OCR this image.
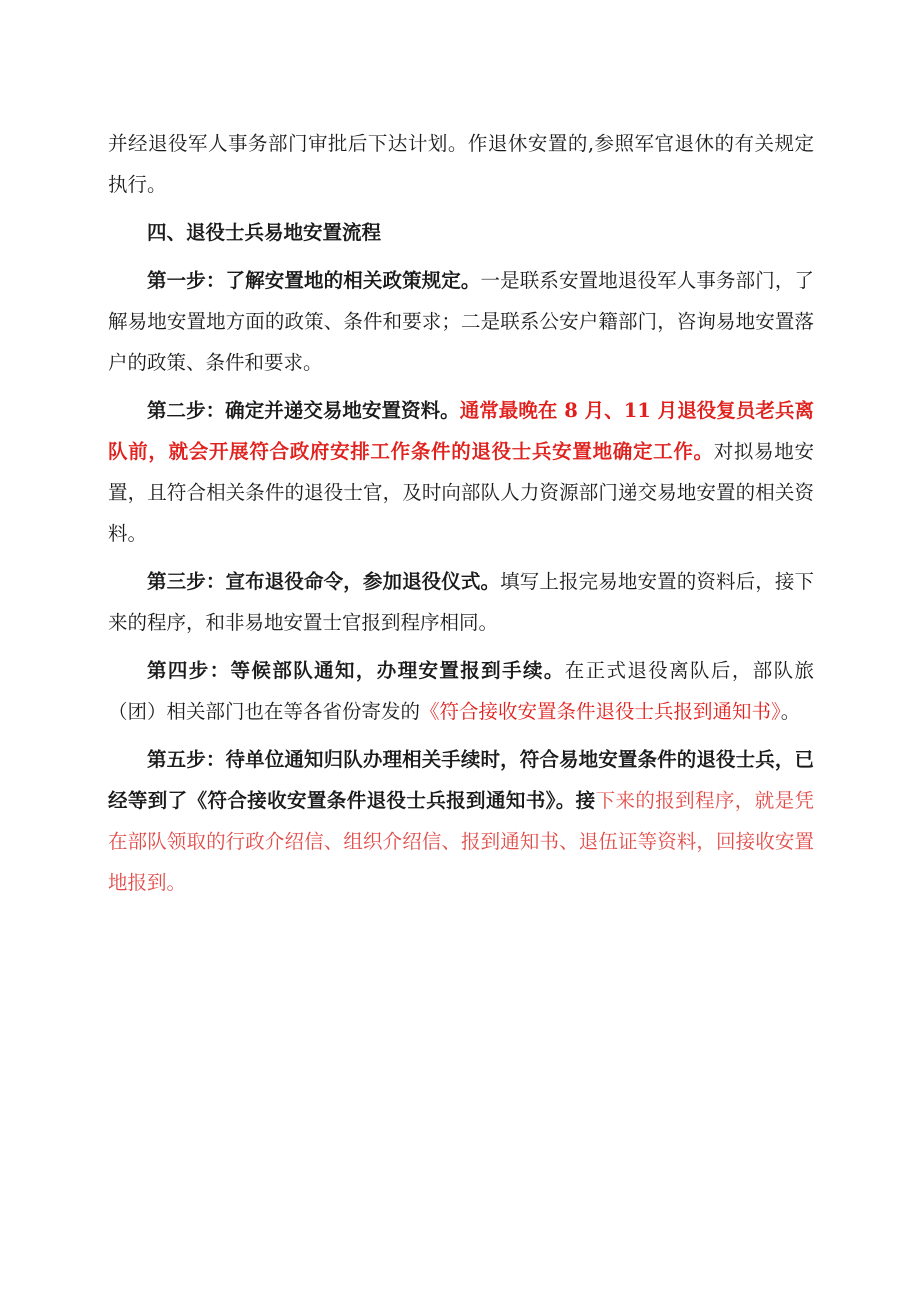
并经退役军人事务部门审批后下达计划。作退休安置的,参照军官退休的有关规定执行。

四、退役士兵易地安置流程

第一步：了解安置地的相关政策规定。一是联系安置地退役军人事务部门，了解易地安置地方面的政策、条件和要求；二是联系公安户籍部门，咨询易地安置落户的政策、条件和要求。

第二步：确定并递交易地安置资料。通常最晚在 8 月、11 月退役复员老兵离队前，就会开展符合政府安排工作条件的退役士兵安置地确定工作。对拟易地安置，且符合相关条件的退役士官，及时向部队人力资源部门递交易地安置的相关资料。

第三步：宣布退役命令，参加退役仪式。填写上报完易地安置的资料后，接下来的程序，和非易地安置士官报到程序相同。

第四步：等候部队通知，办理安置报到手续。在正式退役离队后，部队旅（团）相关部门也在等各省份寄发的《符合接收安置条件退役士兵报到通知书》。

第五步：待单位通知归队办理相关手续时，符合易地安置条件的退役士兵，已经等到了《符合接收安置条件退役士兵报到通知书》。接下来的报到程序，就是凭在部队领取的行政介绍信、组织介绍信、报到通知书、退伍证等资料，回接收安置地报到。
